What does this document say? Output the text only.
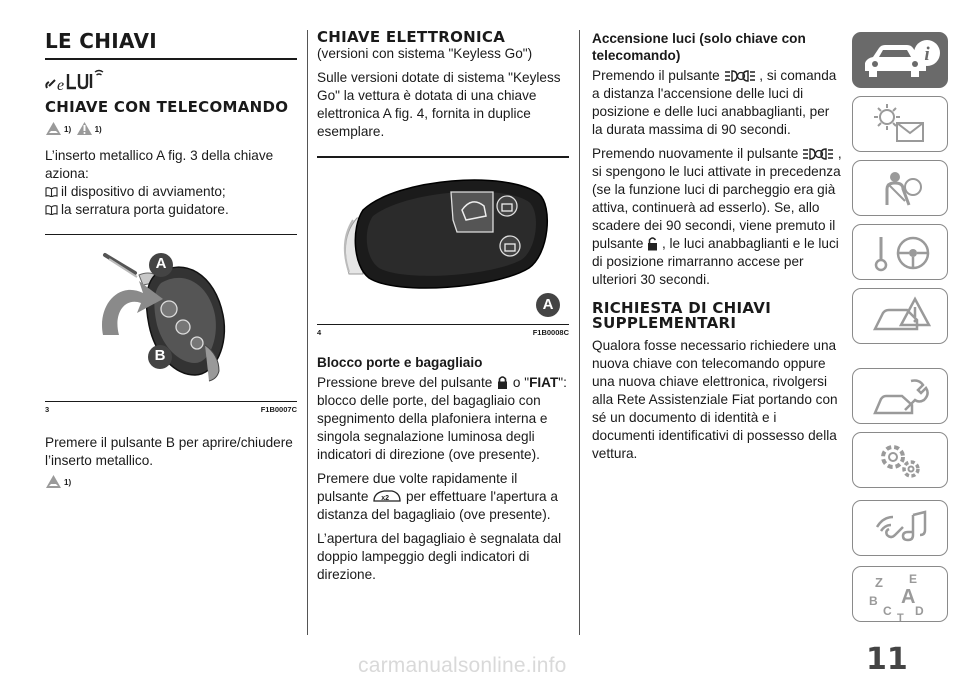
LE CHIAVI
e
CHIAVE CON TELECOMANDO
1)
	1)

L’inserto metallico A fig. 3 della chiave aziona:

il dispositivo di avviamento;
la serratura porta guidatore.
A
B
3	F1B0007C

Premere il pulsante B per aprire/chiudere l’inserto metallico.

1)
CHIAVE ELETTRONICA

(versioni con sistema "Keyless Go")

Sulle versioni dotate di sistema "Keyless Go" la vettura è dotata di una chiave elettronica A fig. 4, fornita in duplice esemplare.

A
4	F1B0008C
Blocco porte e bagagliaio

Pressione breve del pulsante o "FIAT": blocco delle porte, del bagagliaio con spegnimento della plafoniera interna e singola segnalazione luminosa degli indicatori di direzione (ove presente).

Premere due volte rapidamente il pulsante x2 per effettuare l'apertura a distanza del bagagliaio (ove presente).

L’apertura del bagagliaio è segnalata dal doppio lampeggio degli indicatori di direzione.

Accensione luci (solo chiave con telecomando)

Premendo il pulsante	, si comanda a distanza l'accensione delle luci di posizione e delle luci anabbaglianti, per la durata massima di 90 secondi.

Premendo nuovamente il pulsante	, si spengono le luci attivate in precedenza (se la funzione luci di parcheggio era già attiva, continuerà ad esserlo). Se, allo scadere dei 90 secondi, viene premuto il pulsante , le luci anabbaglianti e le luci di posizione rimarranno accese per ulteriori 30 secondi.

RICHIESTA DI CHIAVI SUPPLEMENTARI

Qualora fosse necessario richiedere una nuova chiave con telecomando oppure una nuova chiave elettronica, rivolgersi alla Rete Assistenziale Fiat portando con sé un documento di identità e i documenti identificativi di possesso della vettura.

i
Z E
B A
C D
T
11
carmanualsonline.info
